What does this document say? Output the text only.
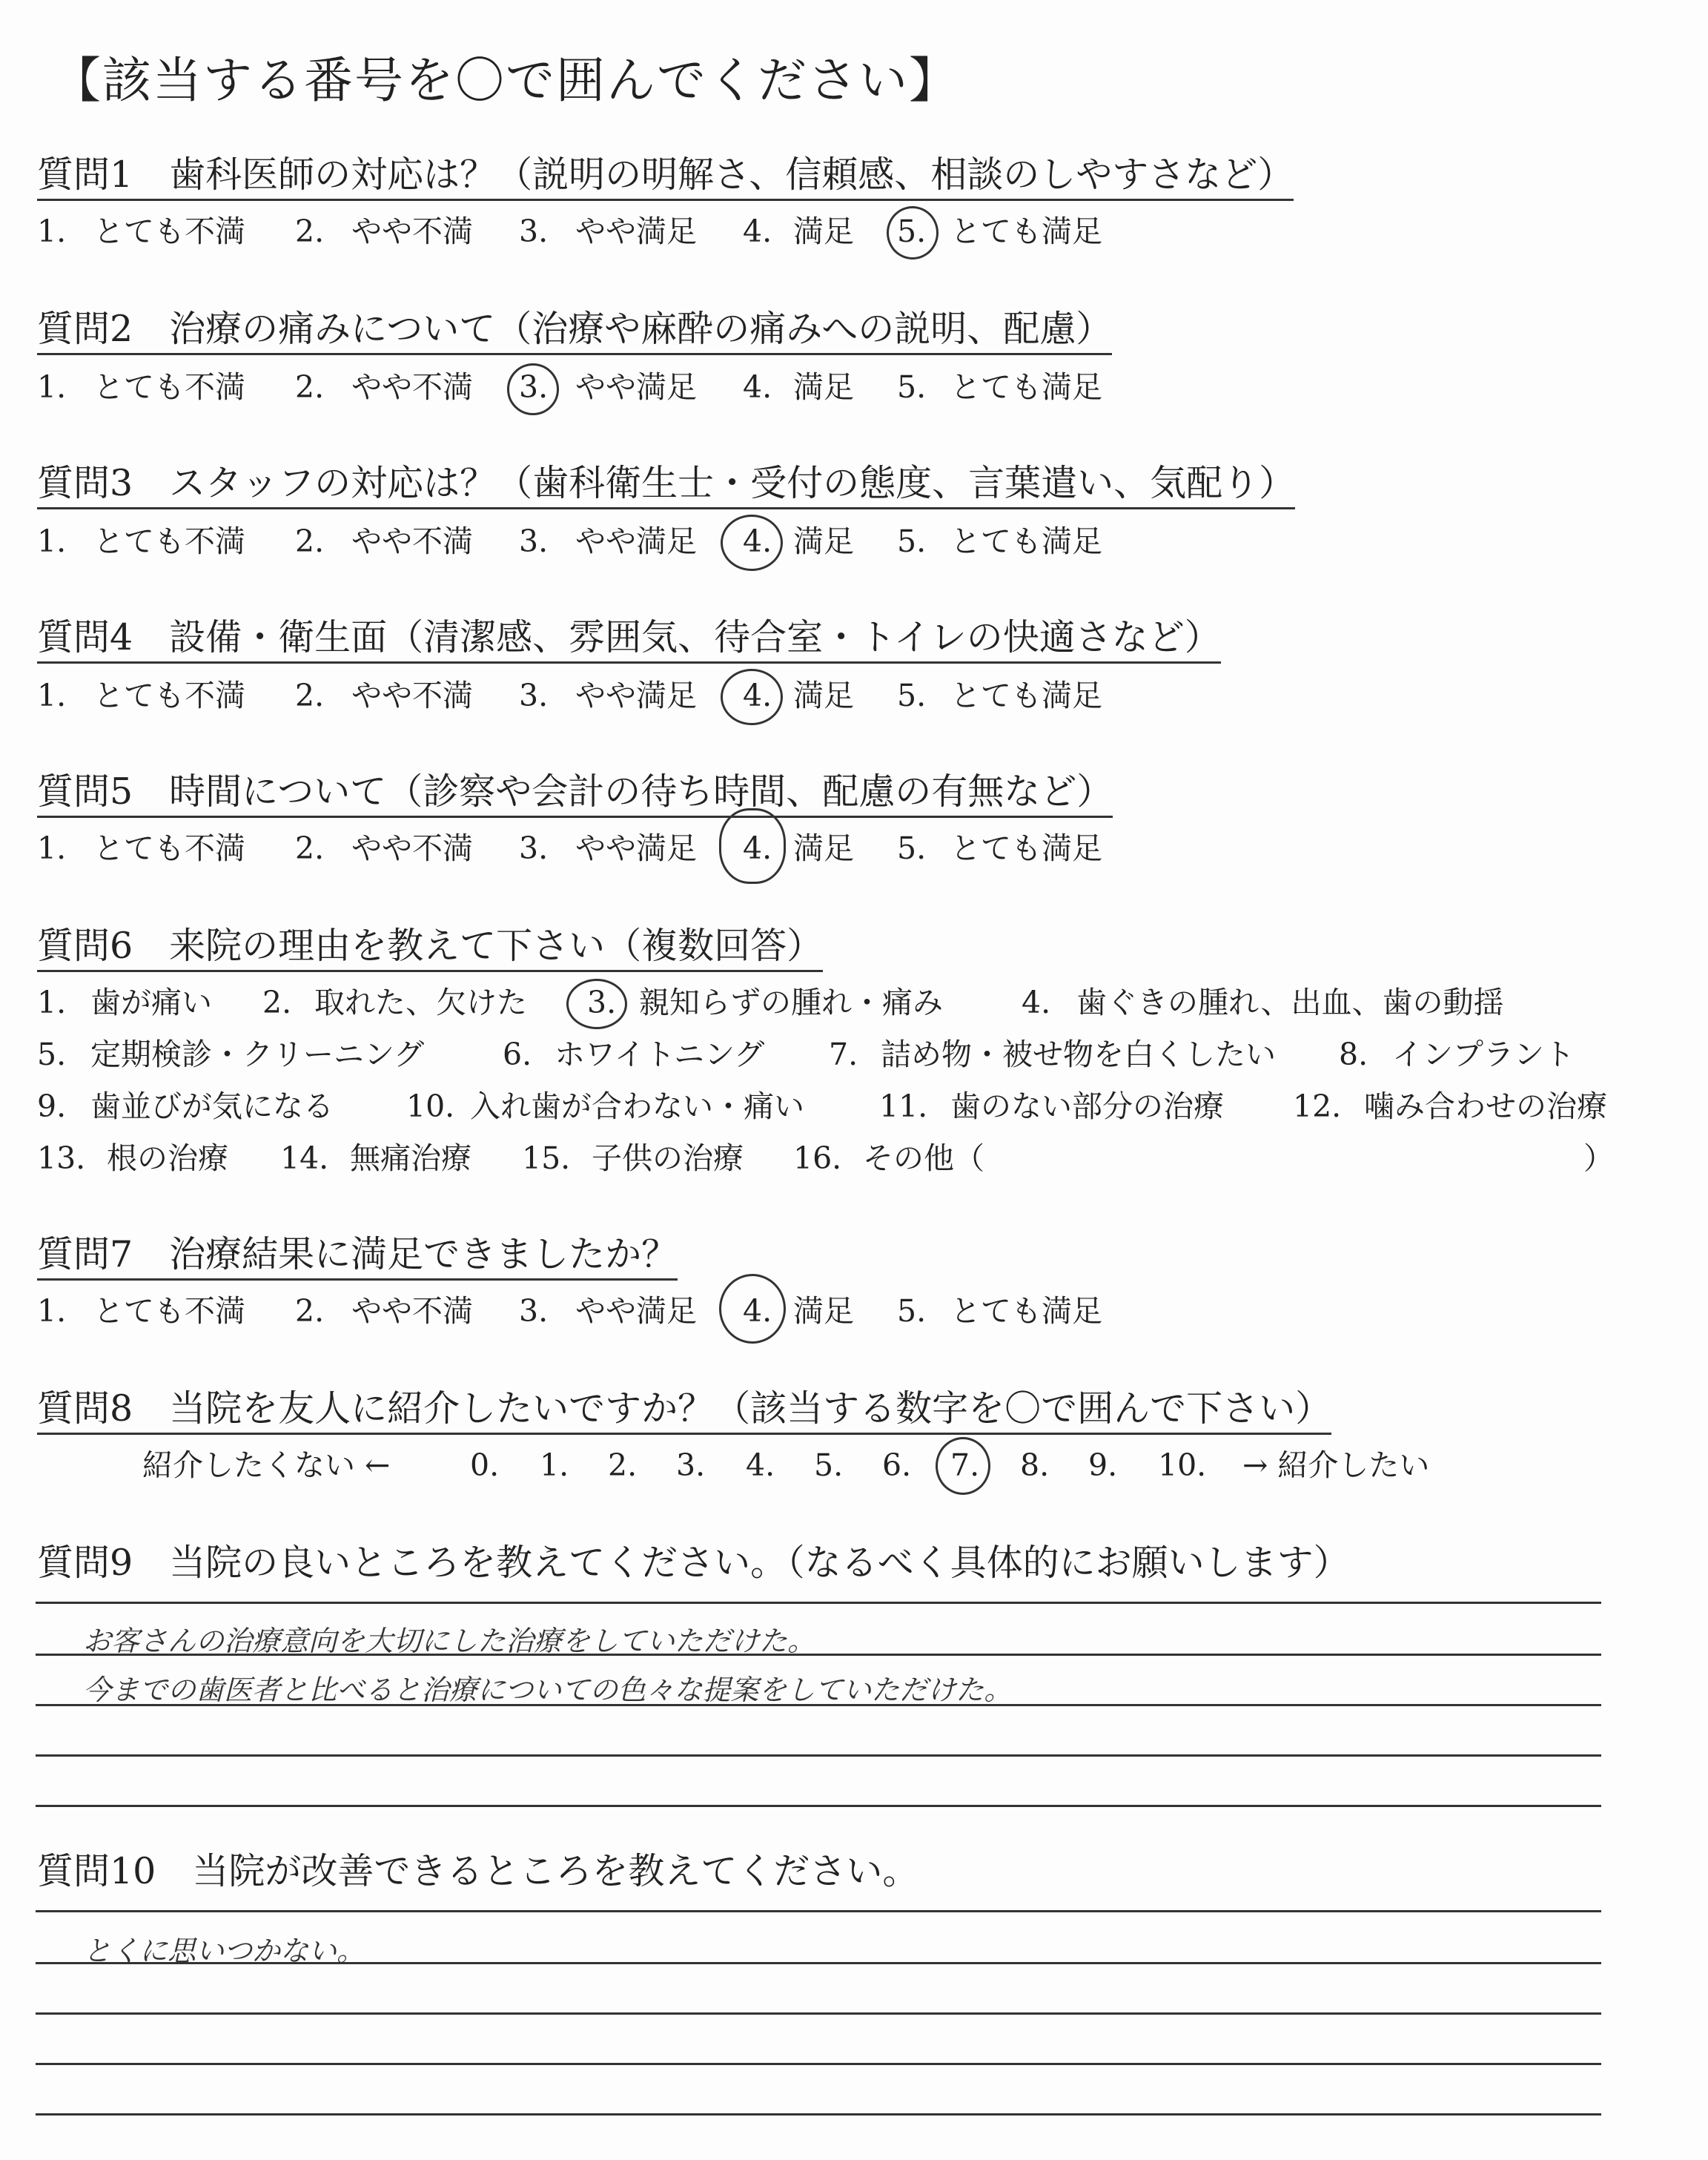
【該当する番号を〇で囲んでください】
質問1　歯科医師の対応は？（説明の明解さ、信頼感、相談のしやすさなど）
1. とても不満 2. やや不満 3. やや満足 4. 満足 5. とても満足
質問2　治療の痛みについて（治療や麻酔の痛みへの説明、配慮）
1. とても不満 2. やや不満 3. やや満足 4. 満足 5. とても満足
質問3　スタッフの対応は？（歯科衛生士・受付の態度、言葉遣い、気配り）
1. とても不満 2. やや不満 3. やや満足 4. 満足 5. とても満足
質問4　設備・衛生面（清潔感、雰囲気、待合室・トイレの快適さなど）
1. とても不満 2. やや不満 3. やや満足 4. 満足 5. とても満足
質問5　時間について（診察や会計の待ち時間、配慮の有無など）
1. とても不満 2. やや不満 3. やや満足 4. 満足 5. とても満足
質問6　来院の理由を教えて下さい（複数回答）
1. 歯が痛い 2. 取れた、欠けた 3. 親知らずの腫れ・痛み	4. 歯ぐきの腫れ、出血、歯の動揺
5. 定期検診・クリーニング	6. ホワイトニング 7. 詰め物・被せ物を白くしたい 8. インプラント
9. 歯並びが気になる 10. 入れ歯が合わない・痛い 11. 歯のない部分の治療 12. 噛み合わせの治療
13. 根の治療 14. 無痛治療 15. 子供の治療 16. その他（	）
質問7　治療結果に満足できましたか？
1. とても不満 2. やや不満 3. やや満足 4. 満足 5. とても満足
質問8　当院を友人に紹介したいですか？（該当する数字を〇で囲んで下さい）
紹介したくない ←	0. 1. 2. 3. 4. 5. 6. 7. 8. 9. 10. → 紹介したい
質問9　当院の良いところを教えてください。（なるべく具体的にお願いします）
お客さんの治療意向を大切にした治療をしていただけた。
今までの歯医者と比べると治療についての色々な提案をしていただけた。
質問10　当院が改善できるところを教えてください。
とくに思いつかない。
